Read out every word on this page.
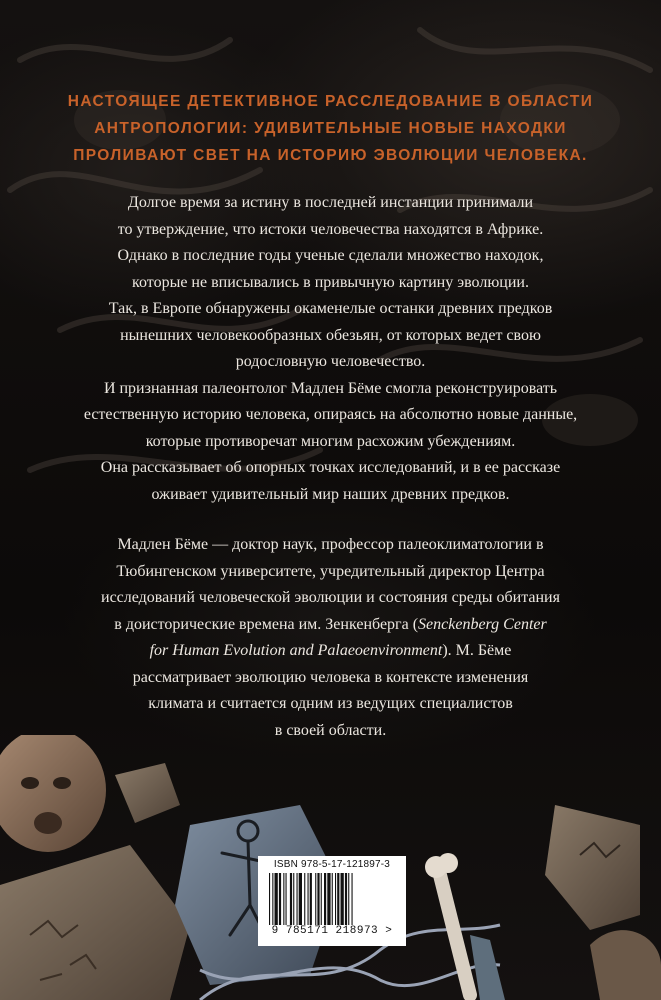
НАСТОЯЩЕЕ ДЕТЕКТИВНОЕ РАССЛЕДОВАНИЕ В ОБЛАСТИ
АНТРОПОЛОГИИ: УДИВИТЕЛЬНЫЕ НОВЫЕ НАХОДКИ
ПРОЛИВАЮТ СВЕТ НА ИСТОРИЮ ЭВОЛЮЦИИ ЧЕЛОВЕКА.

Долгое время за истину в последней инстанции принимали
то утверждение, что истоки человечества находятся в Африке.
Однако в последние годы ученые сделали множество находок,
которые не вписывались в привычную картину эволюции.
Так, в Европе обнаружены окаменелые останки древних предков
нынешних человекообразных обезьян, от которых ведет свою
родословную человечество.
И признанная палеонтолог Мадлен Бёме смогла реконструировать
естественную историю человека, опираясь на абсолютно новые данные,
которые противоречат многим расхожим убеждениям.
Она рассказывает об опорных точках исследований, и в ее рассказе
оживает удивительный мир наших древних предков.

Мадлен Бёме — доктор наук, профессор палеоклиматологии в
Тюбингенском университете, учредительный директор Центра
исследований человеческой эволюции и состояния среды обитания
в доисторические времена им. Зенкенберга (Senckenberg Center
for Human Evolution and Palaeoenvironment). М. Бёме
рассматривает эволюцию человека в контексте изменения
климата и считается одним из ведущих специалистов
в своей области.

ISBN 978-5-17-121897-3
9 785171 218973 >
